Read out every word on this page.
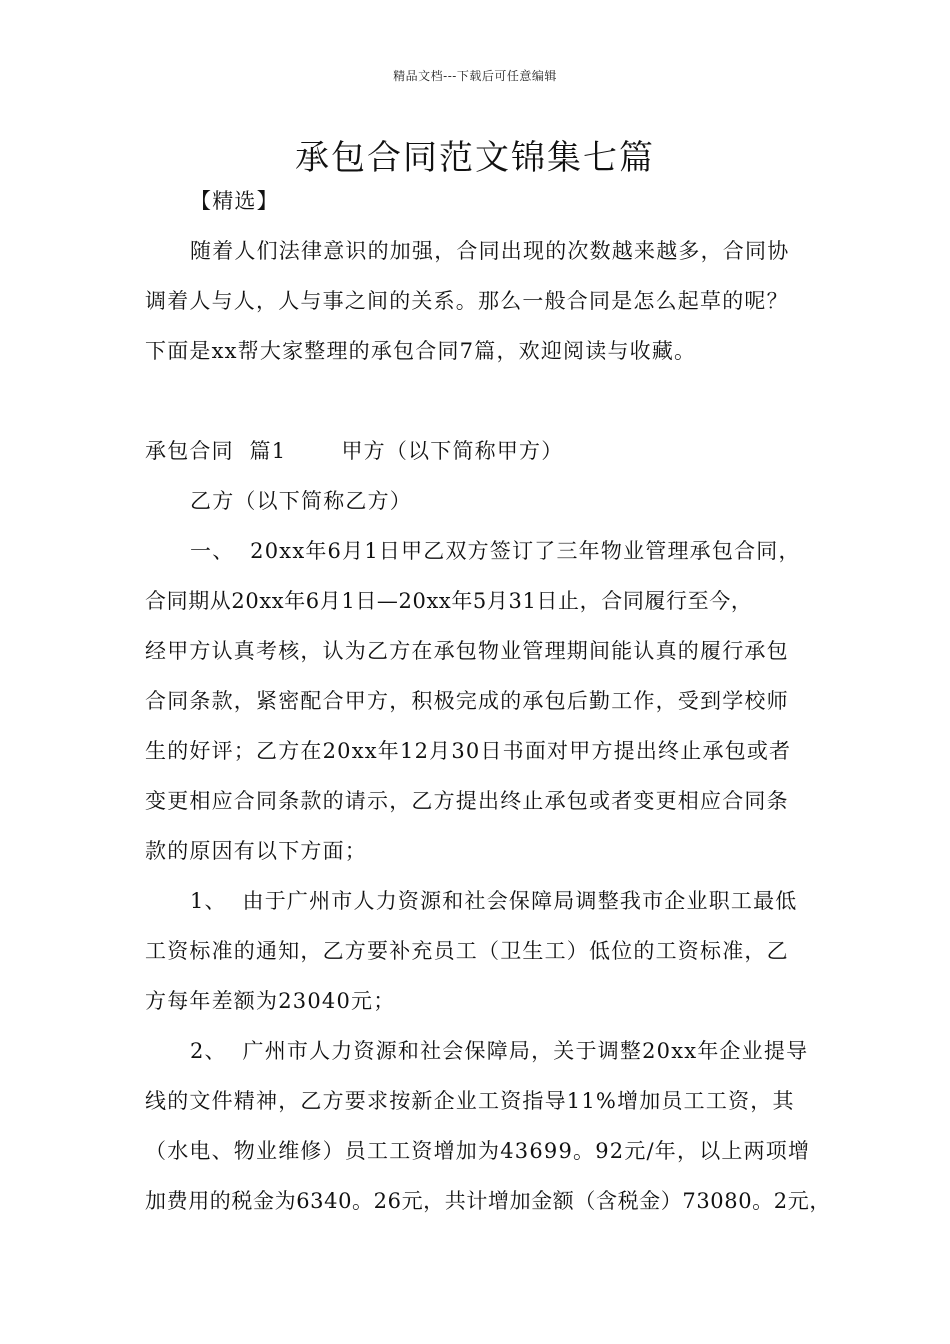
精品文档---下载后可任意编辑
承包合同范文锦集七篇
【精选】
随着人们法律意识的加强，合同出现的次数越来越多，合同协
调着人与人，人与事之间的关系。那么一般合同是怎么起草的呢？
下面是xx帮大家整理的承包合同7篇，欢迎阅读与收藏。
承包合同  篇1       甲方（以下简称甲方）
乙方（以下简称乙方）
一、  20xx年6月1日甲乙双方签订了三年物业管理承包合同，
合同期从20xx年6月1日—20xx年5月31日止，合同履行至今，
经甲方认真考核，认为乙方在承包物业管理期间能认真的履行承包
合同条款，紧密配合甲方，积极完成的承包后勤工作，受到学校师
生的好评；乙方在20xx年12月30日书面对甲方提出终止承包或者
变更相应合同条款的请示，乙方提出终止承包或者变更相应合同条
款的原因有以下方面；
1、  由于广州市人力资源和社会保障局调整我市企业职工最低
工资标准的通知，乙方要补充员工（卫生工）低位的工资标准，乙
方每年差额为23040元；
2、  广州市人力资源和社会保障局，关于调整20xx年企业提导
线的文件精神，乙方要求按新企业工资指导11%增加员工工资，其
（水电、物业维修）员工工资增加为43699。92元/年，以上两项增
加费用的税金为6340。26元，共计增加金额（含税金）73080。2元，
